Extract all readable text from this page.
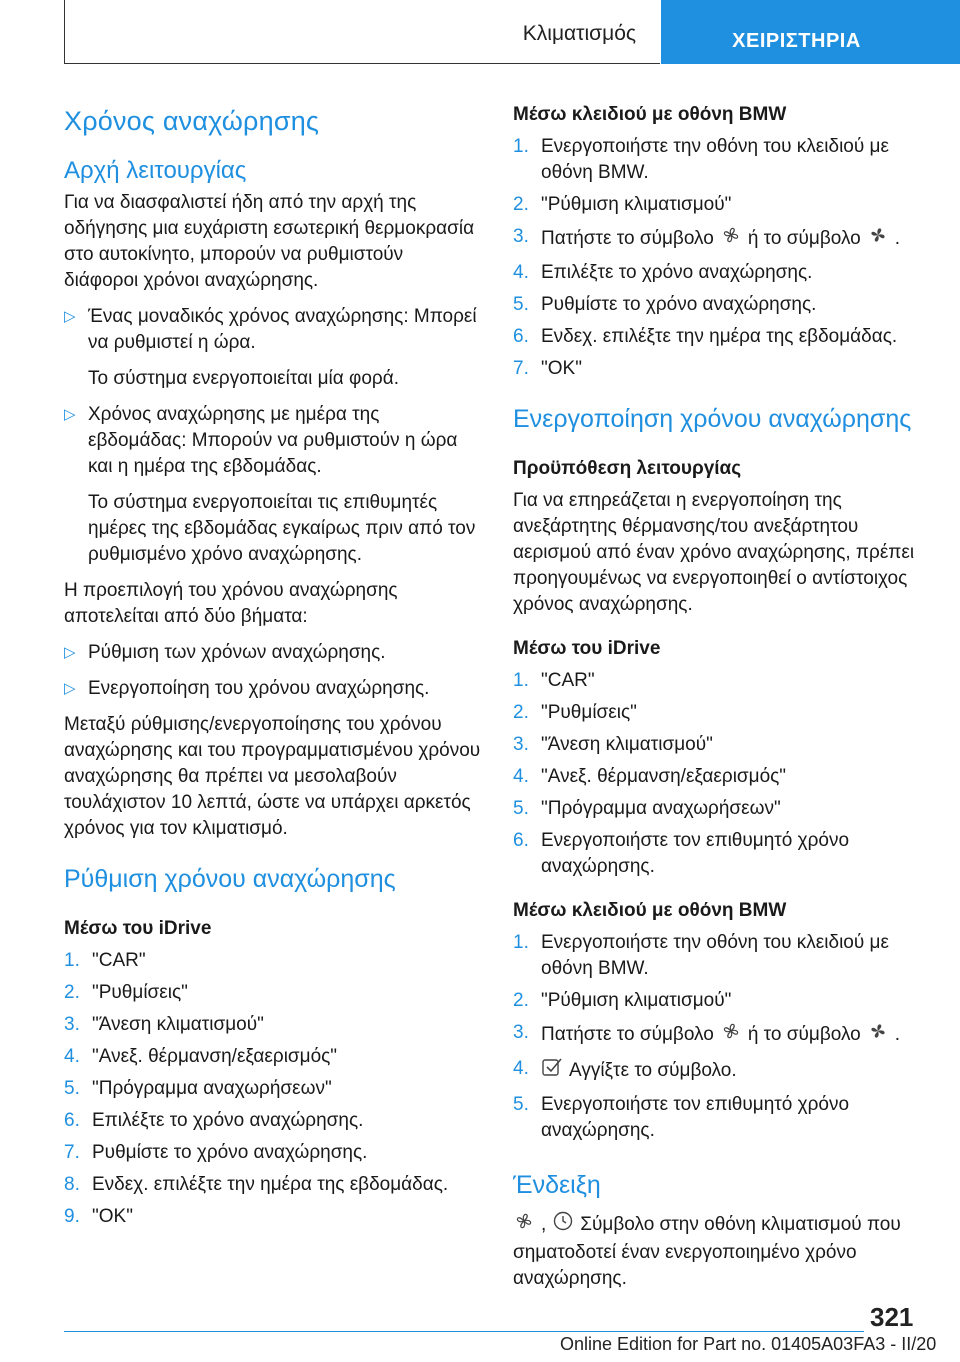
Κλιματισμός	ΧΕΙΡΙΣΤΗΡΙΑ
Χρόνος αναχώρησης
Αρχή λειτουργίας

Για να διασφαλιστεί ήδη από την αρχή της οδήγησης μια ευχάριστη εσωτερική θερμοκρασία στο αυτοκίνητο, μπορούν να ρυθμιστούν διάφοροι χρόνοι αναχώρησης.

▷ Ένας μοναδικός χρόνος αναχώρησης: Μπορεί να ρυθμιστεί η ώρα.
Το σύστημα ενεργοποιείται μία φορά.
▷ Χρόνος αναχώρησης με ημέρα της εβδομάδας: Μπορούν να ρυθμιστούν η ώρα και η ημέρα της εβδομάδας.
Το σύστημα ενεργοποιείται τις επιθυμητές ημέρες της εβδομάδας εγκαίρως πριν από τον ρυθμισμένο χρόνο αναχώρησης.

Η προεπιλογή του χρόνου αναχώρησης αποτελείται από δύο βήματα:

▷ Ρύθμιση των χρόνων αναχώρησης.
▷ Ενεργοποίηση του χρόνου αναχώρησης.

Μεταξύ ρύθμισης/ενεργοποίησης του χρόνου αναχώρησης και του προγραμματισμένου χρόνου αναχώρησης θα πρέπει να μεσολαβούν τουλάχιστον 10 λεπτά, ώστε να υπάρχει αρκετός χρόνος για τον κλιματισμό.

Ρύθμιση χρόνου αναχώρησης
Μέσω του iDrive
1. "CAR"
2. "Ρυθμίσεις"
3. "Άνεση κλιματισμού"
4. "Ανεξ. θέρμανση/εξαερισμός"
5. "Πρόγραμμα αναχωρήσεων"
6. Επιλέξτε το χρόνο αναχώρησης.
7. Ρυθμίστε το χρόνο αναχώρησης.
8. Ενδεχ. επιλέξτε την ημέρα της εβδομάδας.
9. "OK"
Μέσω κλειδιού με οθόνη BMW
1. Ενεργοποιήστε την οθόνη του κλειδιού με οθόνη BMW.
2. "Ρύθμιση κλιματισμού"
3. Πατήστε το σύμβολο ή το σύμβολο .
4. Επιλέξτε το χρόνο αναχώρησης.
5. Ρυθμίστε το χρόνο αναχώρησης.
6. Ενδεχ. επιλέξτε την ημέρα της εβδομάδας.
7. "OK"
Ενεργοποίηση χρόνου αναχώρησης
Προϋπόθεση λειτουργίας

Για να επηρεάζεται η ενεργοποίηση της ανεξάρτητης θέρμανσης/του ανεξάρτητου αερισμού από έναν χρόνο αναχώρησης, πρέπει προηγουμένως να ενεργοποιηθεί ο αντίστοιχος χρόνος αναχώρησης.

Μέσω του iDrive
1. "CAR"
2. "Ρυθμίσεις"
3. "Άνεση κλιματισμού"
4. "Ανεξ. θέρμανση/εξαερισμός"
5. "Πρόγραμμα αναχωρήσεων"
6. Ενεργοποιήστε τον επιθυμητό χρόνο αναχώρησης.
Μέσω κλειδιού με οθόνη BMW
1. Ενεργοποιήστε την οθόνη του κλειδιού με οθόνη BMW.
2. "Ρύθμιση κλιματισμού"
3. Πατήστε το σύμβολο ή το σύμβολο .
4. Αγγίξτε το σύμβολο.
5. Ενεργοποιήστε τον επιθυμητό χρόνο αναχώρησης.
Ένδειξη

, Σύμβολο στην οθόνη κλιματισμού που σηματοδοτεί έναν ενεργοποιημένο χρόνο αναχώρησης.

321
Online Edition for Part no. 01405A03FA3 - II/20
